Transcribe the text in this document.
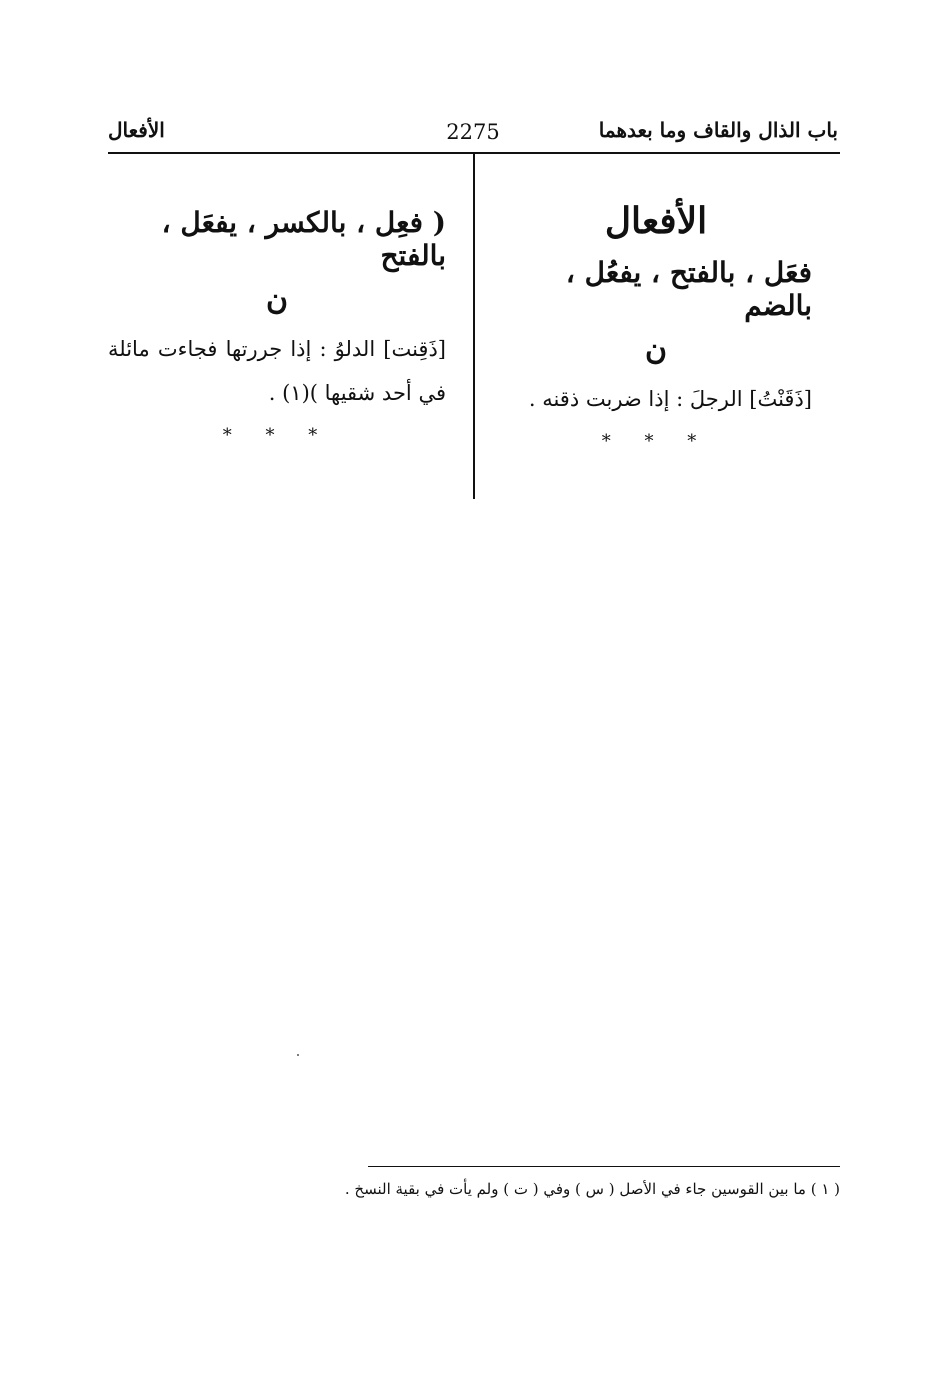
الأفعال	2275	باب الذال والقاف وما بعدهما
الأفعال
فعَل ، بالفتح ، يفعُل ، بالضم
ن
[ذَقَنْتُ] الرجلَ : إذا ضربت ذقنه .
* * *
( فعِل ، بالكسر ، يفعَل ، بالفتح
ن
[ذَقِنت] الدلوُ : إذا جررتها فجاءت مائلة في أحد شقيها )(١) .
* * *
( ١ ) ما بين القوسين جاء في الأصل ( س ) وفي ( ت ) ولم يأت في بقية النسخ .
